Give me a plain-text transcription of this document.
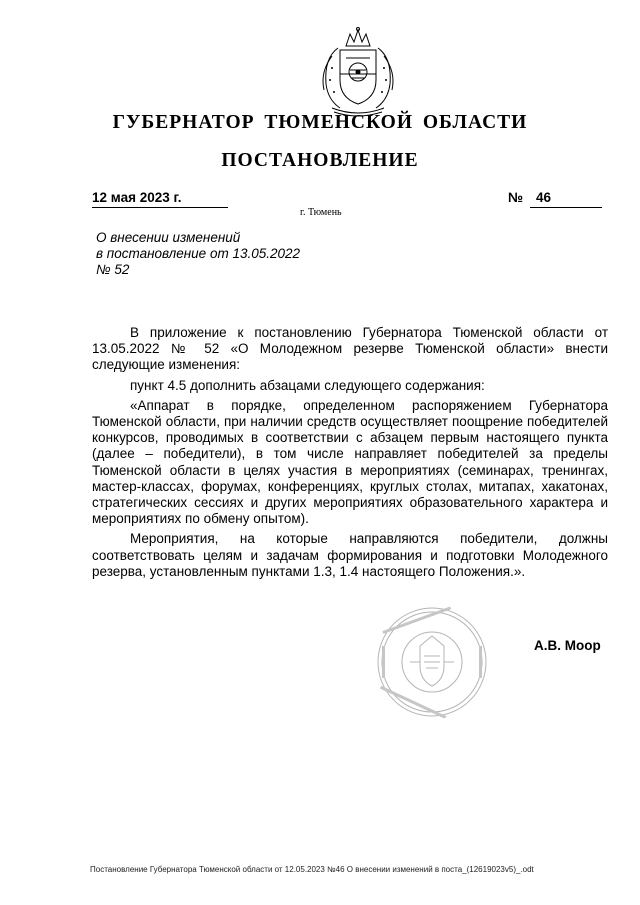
ГУБЕРНАТОР ТЮМЕНСКОЙ ОБЛАСТИ
ПОСТАНОВЛЕНИЕ
12 мая 2023 г.	№ 46
г. Тюмень
О внесении изменений
в постановление от 13.05.2022
№ 52

В приложение к постановлению Губернатора Тюменской области от 13.05.2022 № 52 «О Молодежном резерве Тюменской области» внести следующие изменения:

пункт 4.5 дополнить абзацами следующего содержания:

«Аппарат в порядке, определенном распоряжением Губернатора Тюменской области, при наличии средств осуществляет поощрение победителей конкурсов, проводимых в соответствии с абзацем первым настоящего пункта (далее – победители), в том числе направляет победителей за пределы Тюменской области в целях участия в мероприятиях (семинарах, тренингах, мастер-классах, форумах, конференциях, круглых столах, митапах, хакатонах, стратегических сессиях и других мероприятиях образовательного характера и мероприятиях по обмену опытом).

Мероприятия, на которые направляются победители, должны соответствовать целям и задачам формирования и подготовки Молодежного резерва, установленным пунктами 1.3, 1.4 настоящего Положения.».

А.В. Моор
Постановление Губернатора Тюменской области от 12.05.2023 №46 О внесении изменений в поста_(12619023v5)_.odt
